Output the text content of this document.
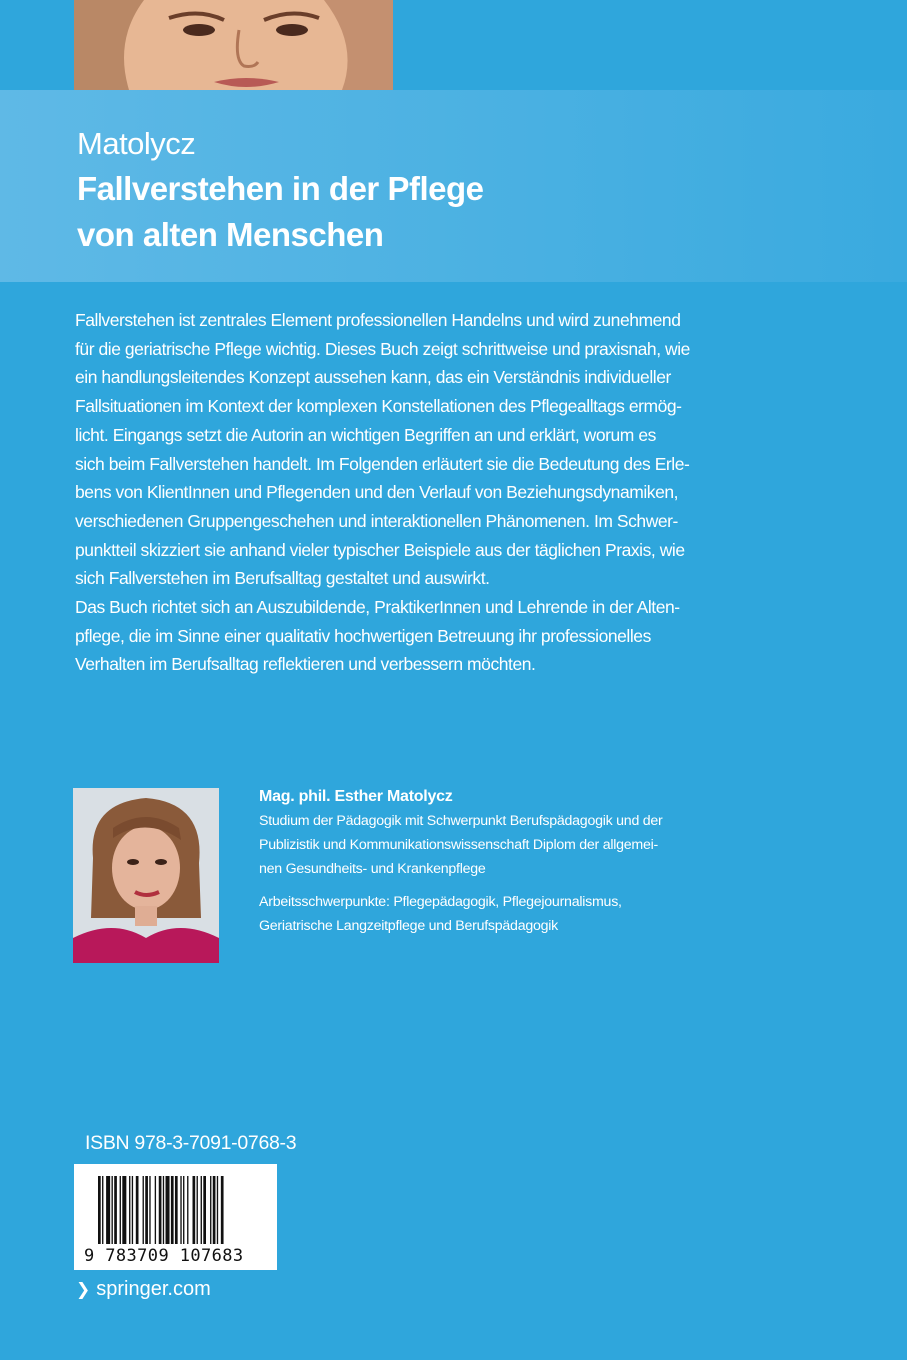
Matolycz
Fallverstehen in der Pflege
von alten Menschen

Fallverstehen ist zentrales Element professionellen Handelns und wird zunehmend
für die geriatrische Pflege wichtig. Dieses Buch zeigt schrittweise und praxisnah, wie
ein handlungsleitendes Konzept aussehen kann, das ein Verständnis individueller
Fallsituationen im Kontext der komplexen Konstellationen des Pflegealltags ermög-
licht. Eingangs setzt die Autorin an wichtigen Begriffen an und erklärt, worum es
sich beim Fallverstehen handelt. Im Folgenden erläutert sie die Bedeutung des Erle-
bens von KlientInnen und Pflegenden und den Verlauf von Beziehungsdynamiken,
verschiedenen Gruppengeschehen und interaktionellen Phänomenen. Im Schwer-
punktteil skizziert sie anhand vieler typischer Beispiele aus der täglichen Praxis, wie
sich Fallverstehen im Berufsalltag gestaltet und auswirkt.

Das Buch richtet sich an Auszubildende, PraktikerInnen und Lehrende in der Alten-
pflege, die im Sinne einer qualitativ hochwertigen Betreuung ihr professionelles
Verhalten im Berufsalltag reflektieren und verbessern möchten.

Mag. phil. Esther Matolycz
Studium der Pädagogik mit Schwerpunkt Berufspädagogik und der
Publizistik und Kommunikationswissenschaft Diplom der allgemei-
nen Gesundheits- und Krankenpflege
Arbeitsschwerpunkte: Pflegepädagogik, Pflegejournalismus,
Geriatrische Langzeitpflege und Berufspädagogik
ISBN 978-3-7091-0768-3
9 783709 107683
❯ springer.com
